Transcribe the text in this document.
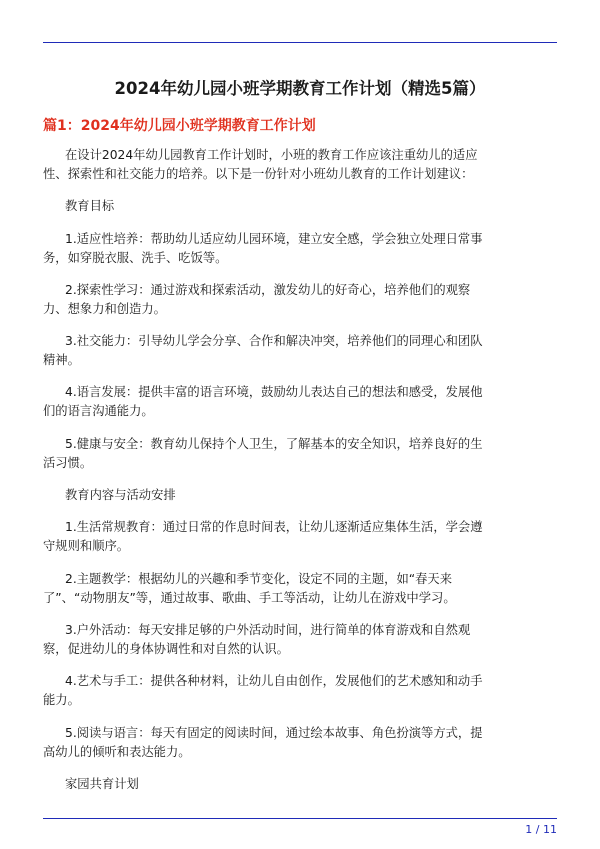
2024年幼儿园小班学期教育工作计划（精选5篇）
篇1：2024年幼儿园小班学期教育工作计划

在设计2024年幼儿园教育工作计划时，小班的教育工作应该注重幼儿的适应性、探索性和社交能力的培养。以下是一份针对小班幼儿教育的工作计划建议：

教育目标

1.适应性培养：帮助幼儿适应幼儿园环境，建立安全感，学会独立处理日常事务，如穿脱衣服、洗手、吃饭等。

2.探索性学习：通过游戏和探索活动，激发幼儿的好奇心，培养他们的观察力、想象力和创造力。

3.社交能力：引导幼儿学会分享、合作和解决冲突，培养他们的同理心和团队精神。

4.语言发展：提供丰富的语言环境，鼓励幼儿表达自己的想法和感受，发展他们的语言沟通能力。

5.健康与安全：教育幼儿保持个人卫生，了解基本的安全知识，培养良好的生活习惯。

教育内容与活动安排

1.生活常规教育：通过日常的作息时间表，让幼儿逐渐适应集体生活，学会遵守规则和顺序。

2.主题教学：根据幼儿的兴趣和季节变化，设定不同的主题，如“春天来了”、“动物朋友”等，通过故事、歌曲、手工等活动，让幼儿在游戏中学习。

3.户外活动：每天安排足够的户外活动时间，进行简单的体育游戏和自然观察，促进幼儿的身体协调性和对自然的认识。

4.艺术与手工：提供各种材料，让幼儿自由创作，发展他们的艺术感知和动手能力。

5.阅读与语言：每天有固定的阅读时间，通过绘本故事、角色扮演等方式，提高幼儿的倾听和表达能力。

家园共育计划

1 / 11
